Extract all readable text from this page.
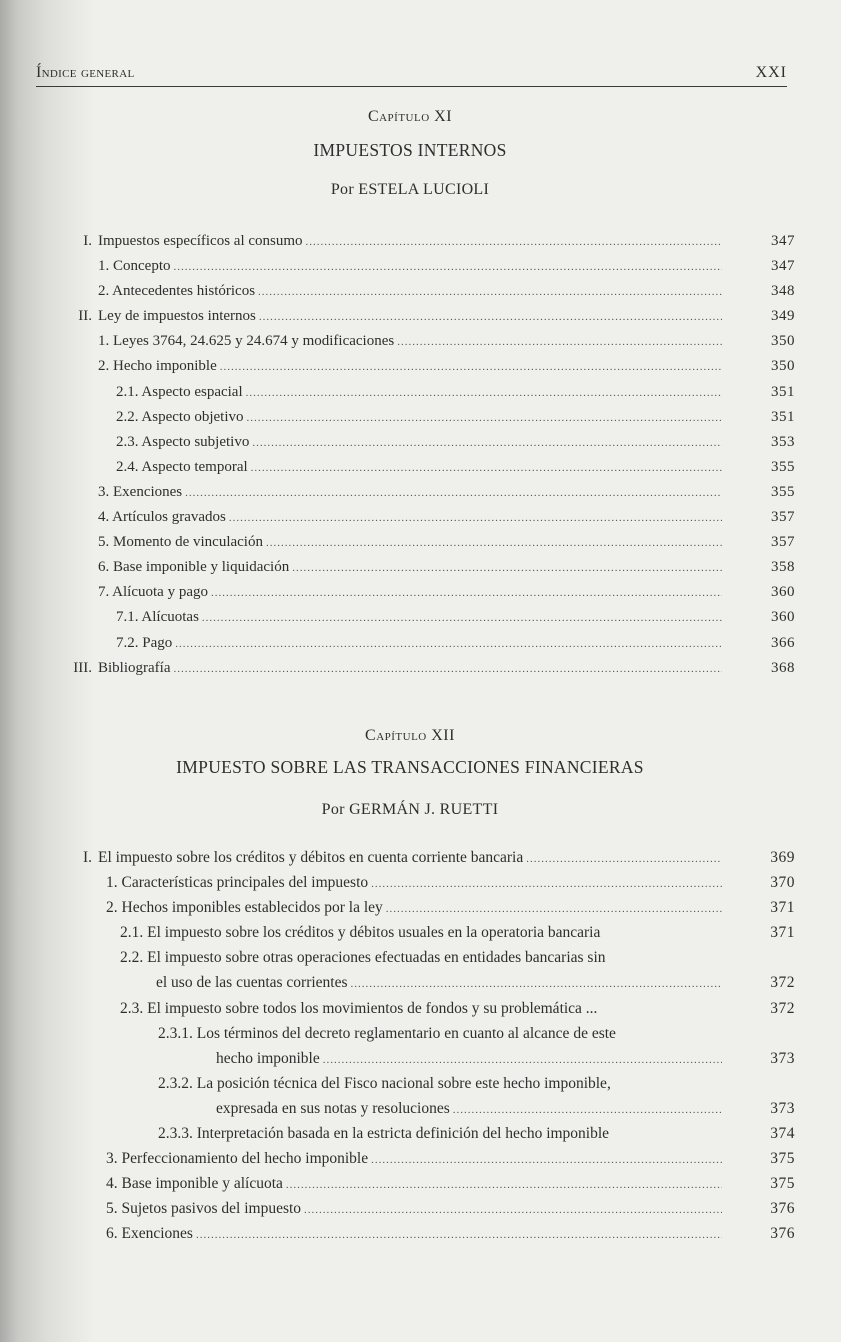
Índice general	XXI
Capítulo XI
IMPUESTOS INTERNOS
Por ESTELA LUCIOLI
I. Impuestos específicos al consumo .....	347
1. Concepto .....	347
2. Antecedentes históricos .....	348
II. Ley de impuestos internos .....	349
1. Leyes 3764, 24.625 y 24.674 y modificaciones .....	350
2. Hecho imponible .....	350
2.1. Aspecto espacial .....	351
2.2. Aspecto objetivo .....	351
2.3. Aspecto subjetivo .....	353
2.4. Aspecto temporal .....	355
3. Exenciones .....	355
4. Artículos gravados .....	357
5. Momento de vinculación .....	357
6. Base imponible y liquidación .....	358
7. Alícuota y pago .....	360
7.1. Alícuotas .....	360
7.2. Pago .....	366
III. Bibliografía .....	368
Capítulo XII
IMPUESTO SOBRE LAS TRANSACCIONES FINANCIERAS
Por GERMÁN J. RUETTI
I. El impuesto sobre los créditos y débitos en cuenta corriente bancaria .....	369
1. Características principales del impuesto .....	370
2. Hechos imponibles establecidos por la ley .....	371
2.1. El impuesto sobre los créditos y débitos usuales en la operatoria bancaria	371
2.2. El impuesto sobre otras operaciones efectuadas en entidades bancarias sin
el uso de las cuentas corrientes .....	372
2.3. El impuesto sobre todos los movimientos de fondos y su problemática ...	372
2.3.1. Los términos del decreto reglamentario en cuanto al alcance de este
hecho imponible .....	373
2.3.2. La posición técnica del Fisco nacional sobre este hecho imponible,
expresada en sus notas y resoluciones .....	373
2.3.3. Interpretación basada en la estricta definición del hecho imponible	374
3. Perfeccionamiento del hecho imponible .....	375
4. Base imponible y alícuota .....	375
5. Sujetos pasivos del impuesto .....	376
6. Exenciones .....	376
